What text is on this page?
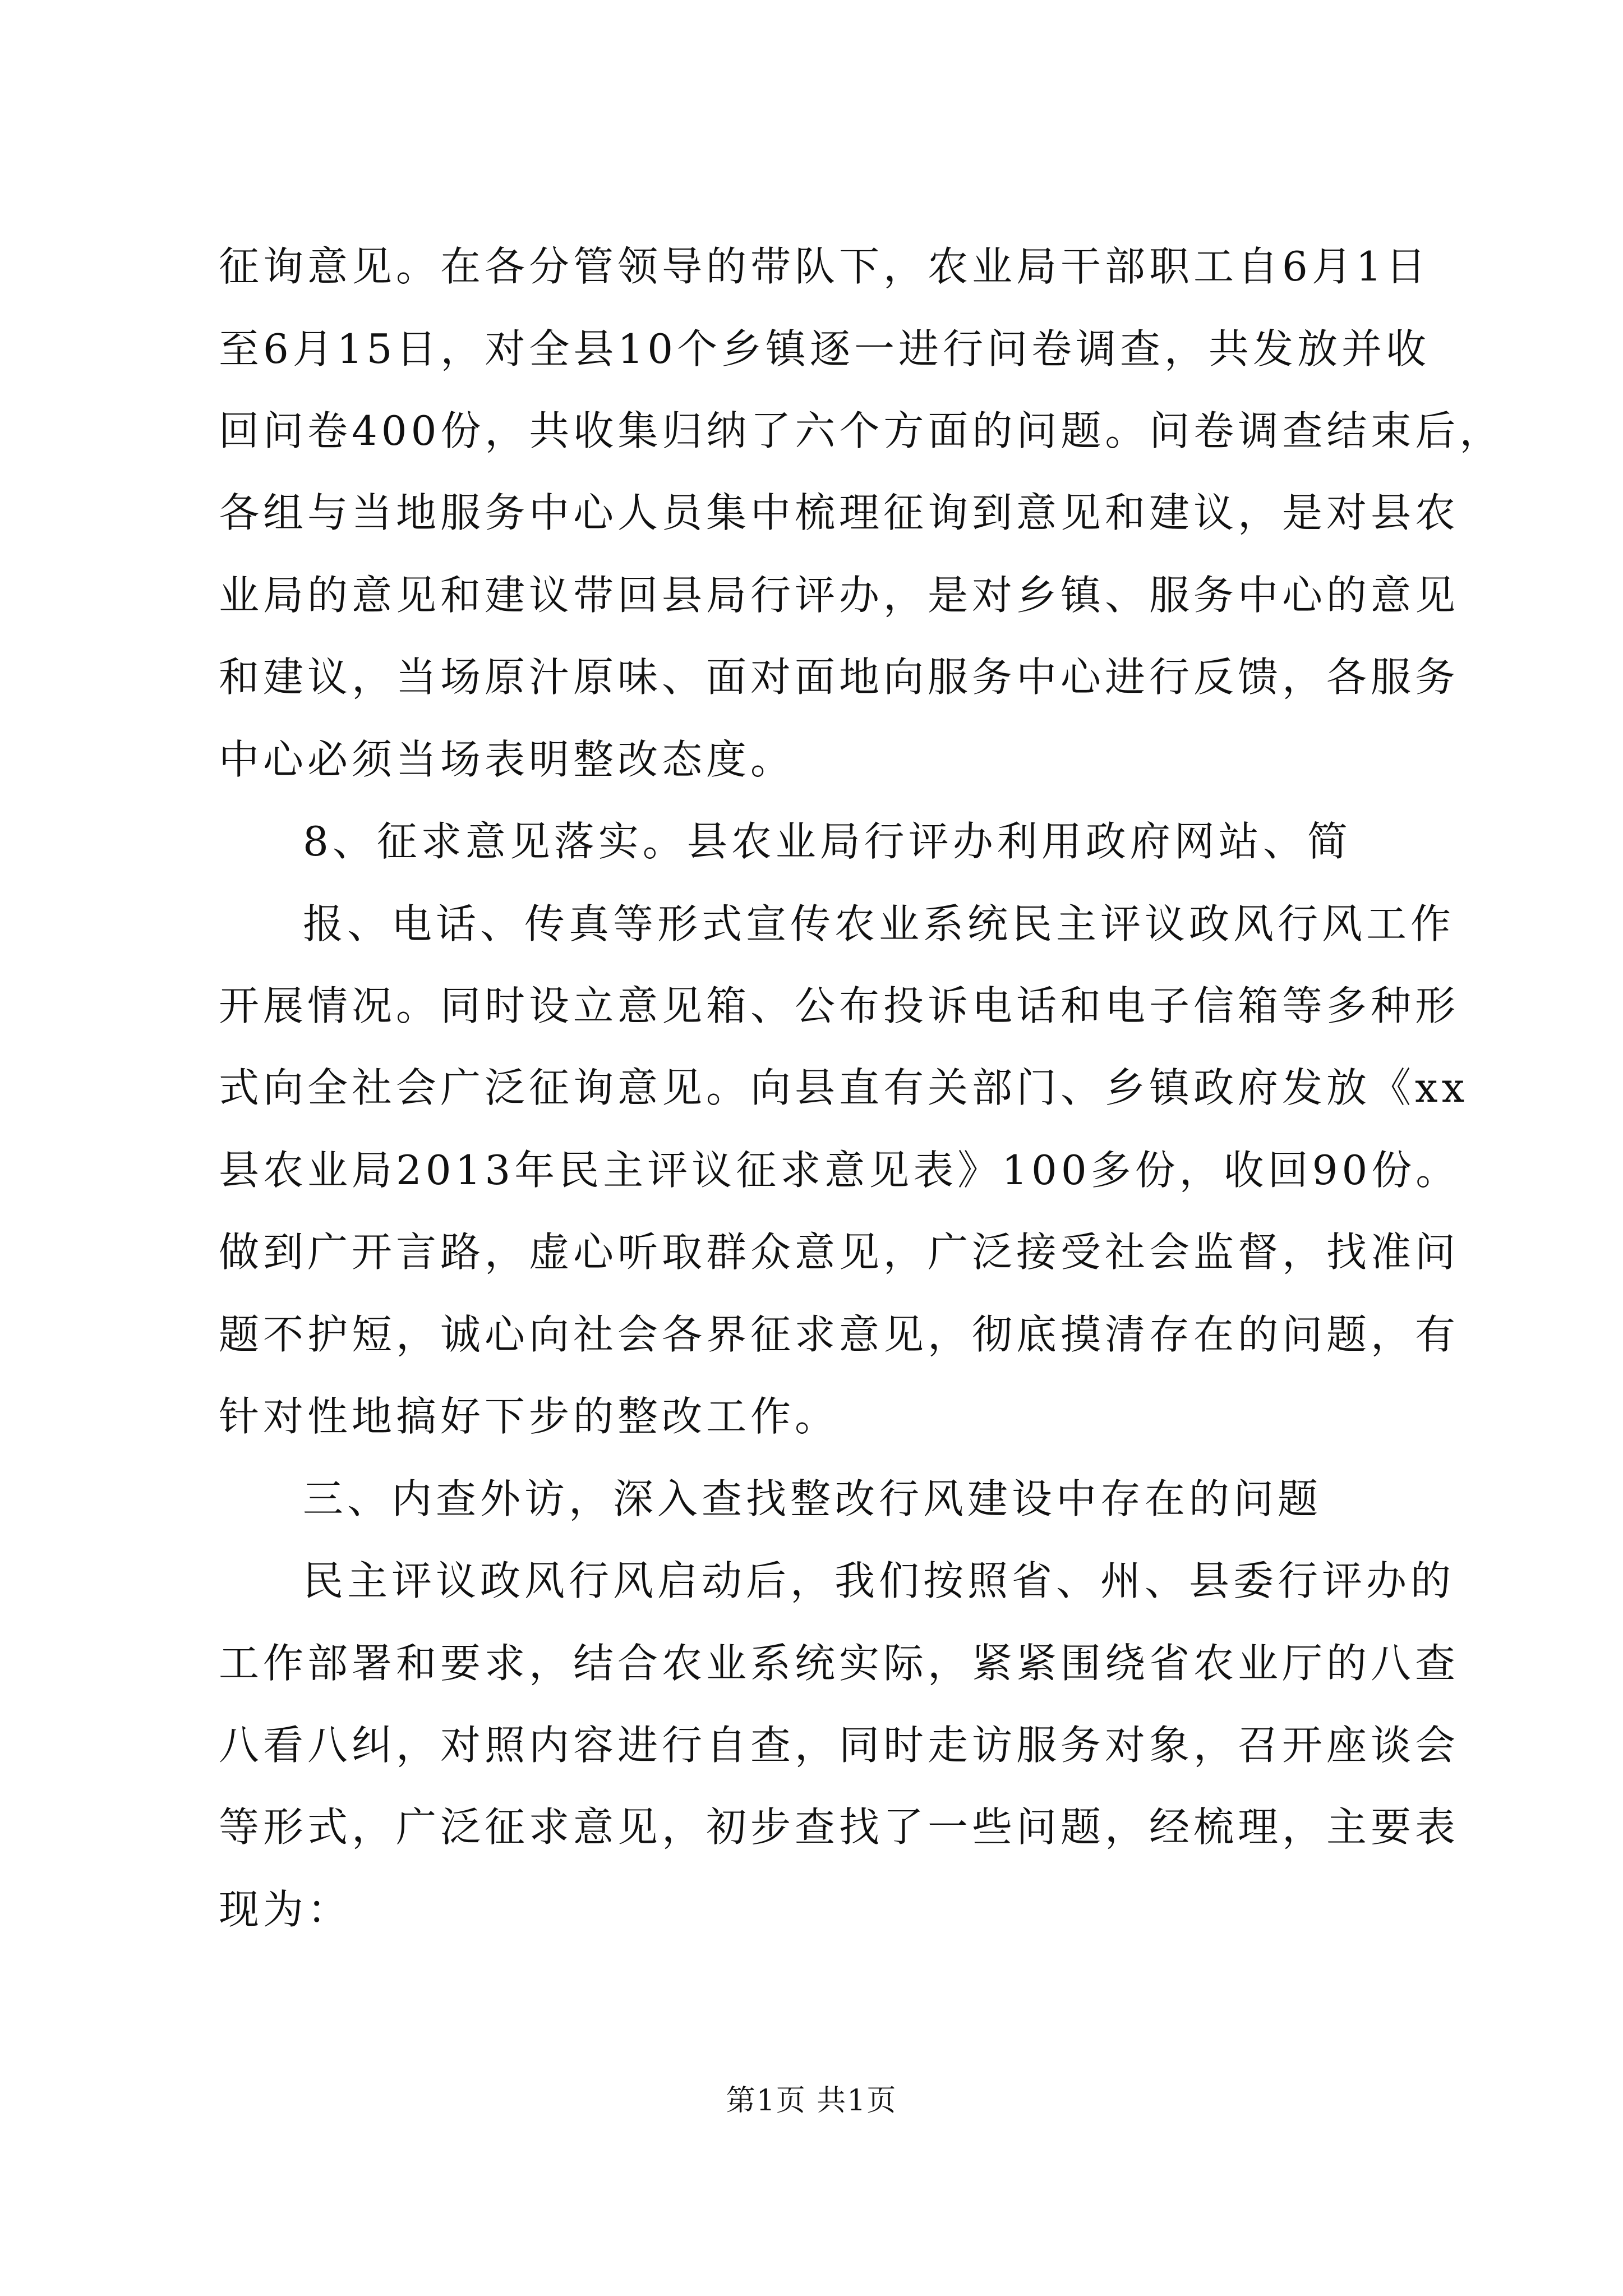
征询意见。在各分管领导的带队下，农业局干部职工自6月1日
至6月15日，对全县10个乡镇逐一进行问卷调查，共发放并收
回问卷400份，共收集归纳了六个方面的问题。问卷调查结束后，
各组与当地服务中心人员集中梳理征询到意见和建议，是对县农
业局的意见和建议带回县局行评办，是对乡镇、服务中心的意见
和建议，当场原汁原味、面对面地向服务中心进行反馈，各服务
中心必须当场表明整改态度。
8、征求意见落实。县农业局行评办利用政府网站、简
报、电话、传真等形式宣传农业系统民主评议政风行风工作
开展情况。同时设立意见箱、公布投诉电话和电子信箱等多种形
式向全社会广泛征询意见。向县直有关部门、乡镇政府发放《xx
县农业局2013年民主评议征求意见表》100多份，收回90份。
做到广开言路，虚心听取群众意见，广泛接受社会监督，找准问
题不护短，诚心向社会各界征求意见，彻底摸清存在的问题，有
针对性地搞好下步的整改工作。
三、内查外访，深入查找整改行风建设中存在的问题
民主评议政风行风启动后，我们按照省、州、县委行评办的
工作部署和要求，结合农业系统实际，紧紧围绕省农业厅的八查
八看八纠，对照内容进行自查，同时走访服务对象，召开座谈会
等形式，广泛征求意见，初步查找了一些问题，经梳理，主要表
现为：
第1页 共1页
